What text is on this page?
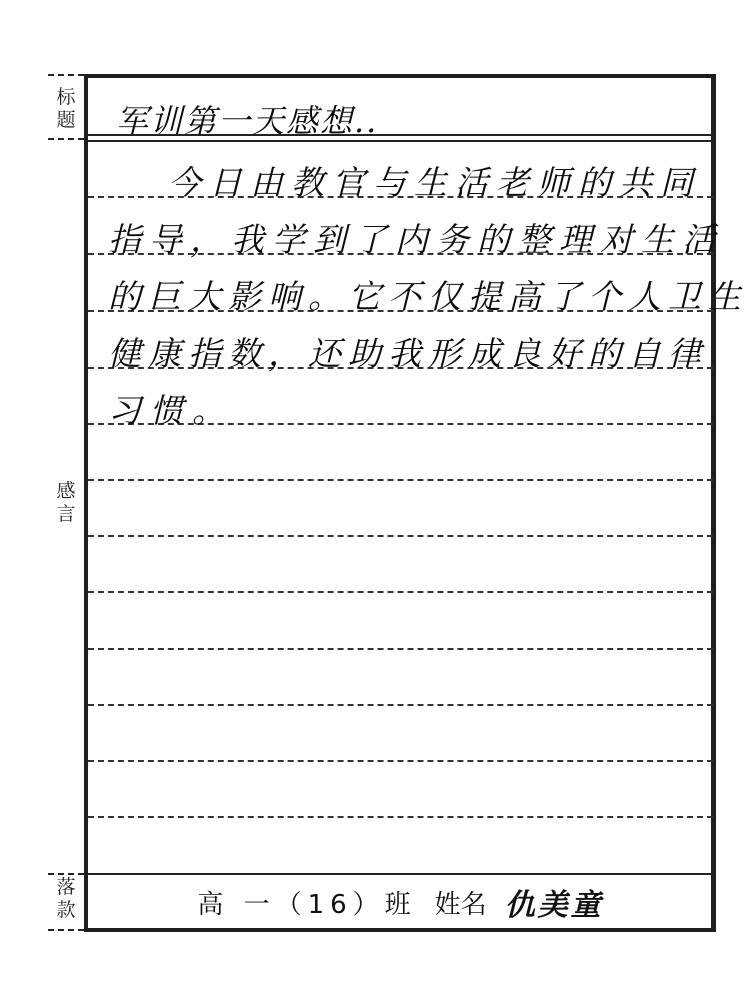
标
题
感
言
落
款
军训第一天感想..
今日由教官与生活老师的共同
指导，我学到了内务的整理对生活
的巨大影响。它不仅提高了个人卫生
健康指数，还助我形成良好的自律
习惯。
高 一（16）班 姓名 仇美童
